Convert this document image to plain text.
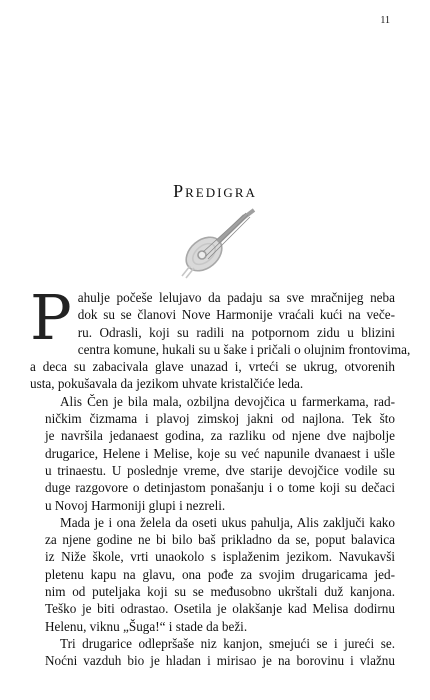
11
Predigra

P ahulje počeše lelujavo da padaju sa sve mračnijeg neba
dok su se članovi Nove Harmonije vraćali kući na veče-
ru. Odrasli, koji su radili na potpornom zidu u blizini
centra komune, hukali su u šake i pričali o olujnim frontovima,
a deca su zabacivala glave unazad i, vrteći se ukrug, otvorenih
usta, pokušavala da jezikom uhvate kristalčiće leda.

Alis Čen je bila mala, ozbiljna devojčica u farmerkama, rad-
ničkim čizmama i plavoj zimskoj jakni od najlona. Tek što
je navršila jedanaest godina, za razliku od njene dve najbolje
drugarice, Helene i Melise, koje su već napunile dvanaest i ušle
u trinaestu. U poslednje vreme, dve starije devojčice vodile su
duge razgovore o detinjastom ponašanju i o tome koji su dečaci
u Novoj Harmoniji glupi i nezreli.

Mada je i ona želela da oseti ukus pahulja, Alis zaključi kako
za njene godine ne bi bilo baš prikladno da se, poput balavica
iz Niže škole, vrti unaokolo s isplaženim jezikom. Navukavši
pletenu kapu na glavu, ona pođe za svojim drugaricama jed-
nim od puteljaka koji su se međusobno ukrštali duž kanjona.
Teško je biti odrastao. Osetila je olakšanje kad Melisa dodirnu
Helenu, viknu „Šuga!“ i stade da beži.

Tri drugarice odlepršaše niz kanjon, smejući se i jureći se.
Noćni vazduh bio je hladan i mirisao je na borovinu i vlažnu
